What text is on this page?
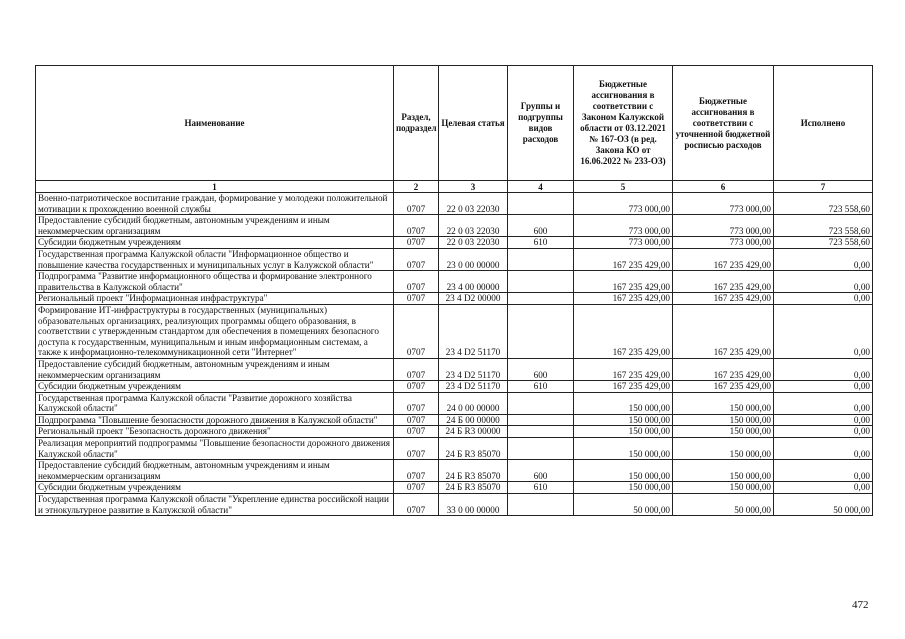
Наименование	Раздел, подраздел	Целевая статья	Группы и подгруппы видов расходов	Бюджетные ассигнования в соответствии с Законом Калужской области от 03.12.2021 № 167-ОЗ (в ред. Закона КО от 16.06.2022 № 233-ОЗ)	Бюджетные ассигнования в соответствии с уточненной бюджетной росписью расходов	Исполнено
1	2	3	4	5	6	7
Военно-патриотическое воспитание граждан, формирование у молодежи положительной мотивации к прохождению военной службы	0707	22 0 03 22030		773 000,00	773 000,00	723 558,60
Предоставление субсидий бюджетным, автономным учреждениям и иным некоммерческим организациям	0707	22 0 03 22030	600	773 000,00	773 000,00	723 558,60
Субсидии бюджетным учреждениям	0707	22 0 03 22030	610	773 000,00	773 000,00	723 558,60
Государственная программа Калужской области "Информационное общество и повышение качества государственных и муниципальных услуг в Калужской области"	0707	23 0 00 00000		167 235 429,00	167 235 429,00	0,00
Подпрограмма "Развитие информационного общества и формирование электронного правительства в Калужской области"	0707	23 4 00 00000		167 235 429,00	167 235 429,00	0,00
Региональный проект "Информационная инфраструктура"	0707	23 4 D2 00000		167 235 429,00	167 235 429,00	0,00
Формирование ИТ-инфраструктуры в государственных (муниципальных) образовательных организациях, реализующих программы общего образования, в соответствии с утвержденным стандартом для обеспечения в помещениях безопасного доступа к государственным, муниципальным и иным информационным системам, а также к информационно-телекоммуникационной сети "Интернет"	0707	23 4 D2 51170		167 235 429,00	167 235 429,00	0,00
Предоставление субсидий бюджетным, автономным учреждениям и иным некоммерческим организациям	0707	23 4 D2 51170	600	167 235 429,00	167 235 429,00	0,00
Субсидии бюджетным учреждениям	0707	23 4 D2 51170	610	167 235 429,00	167 235 429,00	0,00
Государственная программа Калужской области "Развитие дорожного хозяйства Калужской области"	0707	24 0 00 00000		150 000,00	150 000,00	0,00
Подпрограмма "Повышение безопасности дорожного движения в Калужской области"	0707	24 Б 00 00000		150 000,00	150 000,00	0,00
Региональный проект "Безопасность дорожного движения"	0707	24 Б R3 00000		150 000,00	150 000,00	0,00
Реализация мероприятий подпрограммы "Повышение безопасности дорожного движения Калужской области"	0707	24 Б R3 85070		150 000,00	150 000,00	0,00
Предоставление субсидий бюджетным, автономным учреждениям и иным некоммерческим организациям	0707	24 Б R3 85070	600	150 000,00	150 000,00	0,00
Субсидии бюджетным учреждениям	0707	24 Б R3 85070	610	150 000,00	150 000,00	0,00
Государственная программа Калужской области "Укрепление единства российской нации и этнокультурное развитие в Калужской области"	0707	33 0 00 00000		50 000,00	50 000,00	50 000,00
472
